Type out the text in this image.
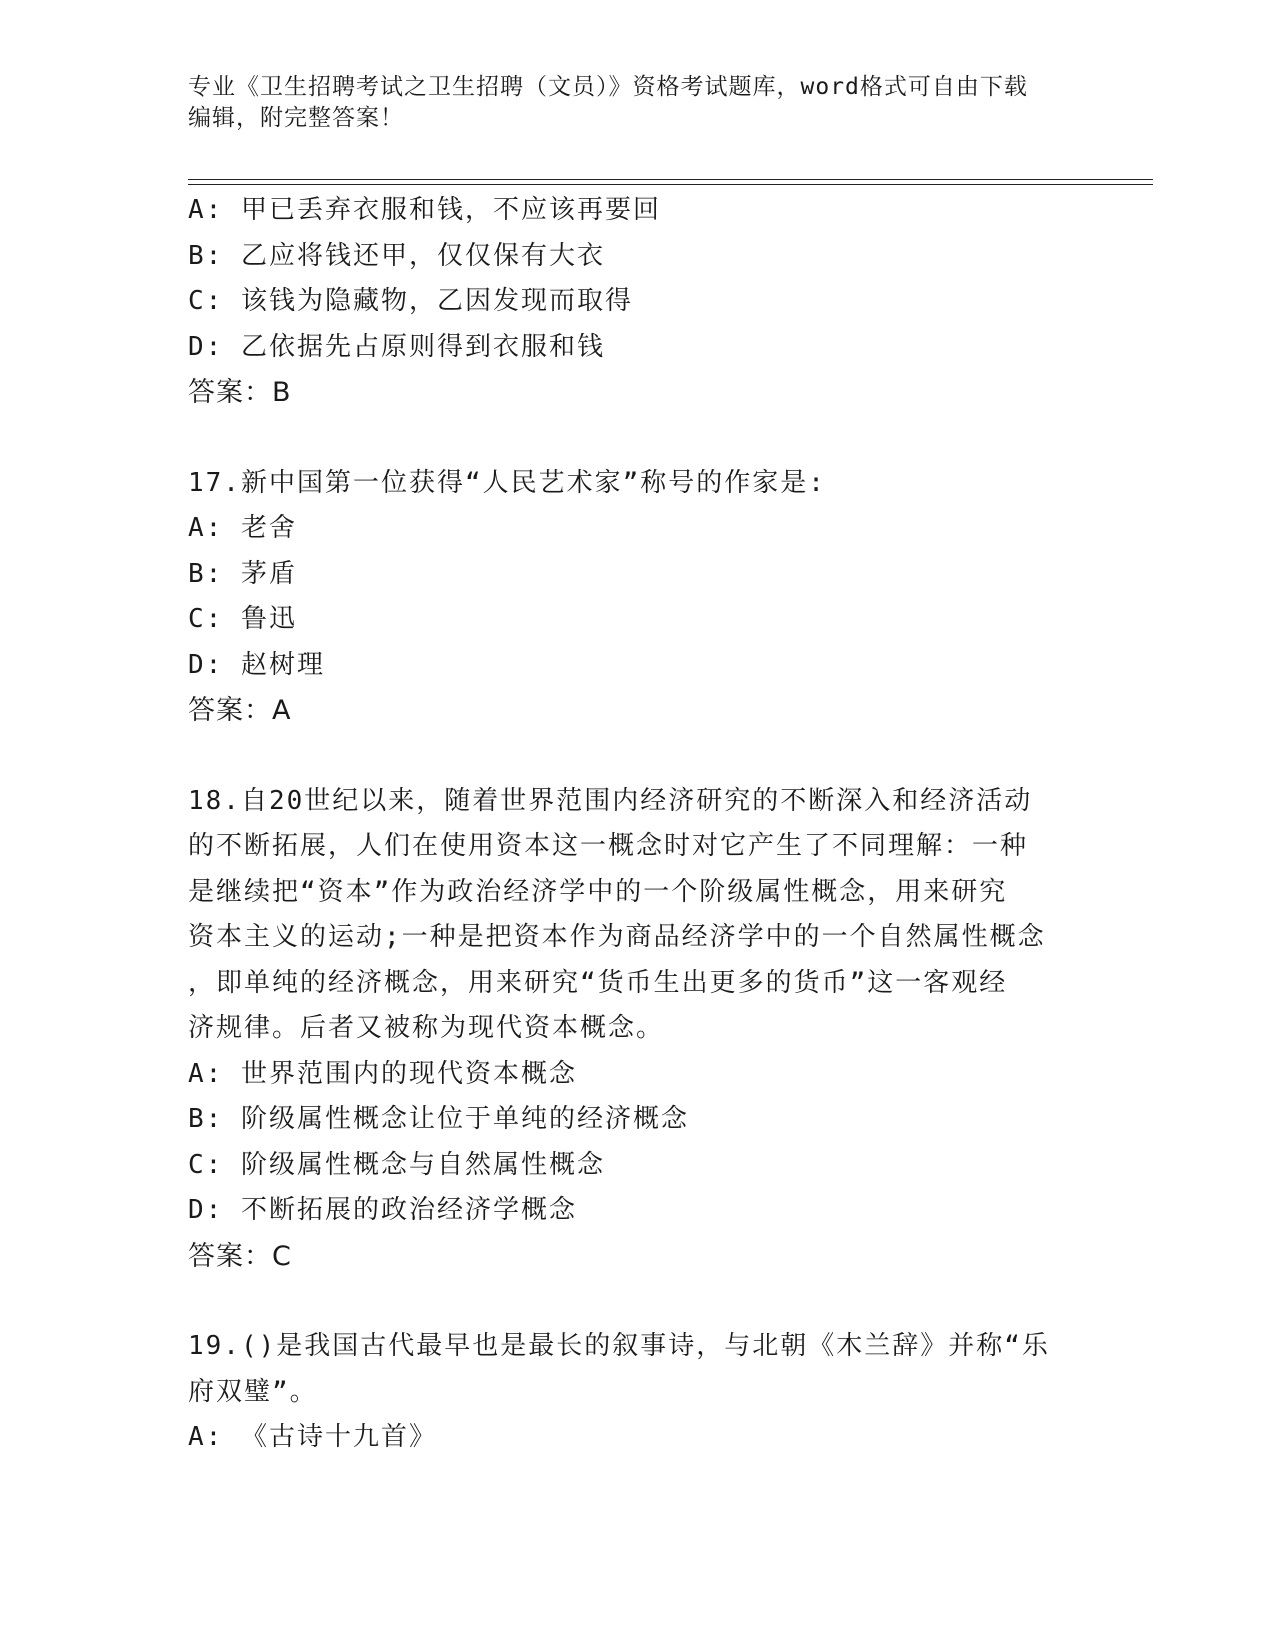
专业《卫生招聘考试之卫生招聘（文员）》资格考试题库，word格式可自由下载
编辑，附完整答案！
A: 甲已丢弃衣服和钱，不应该再要回
B: 乙应将钱还甲，仅仅保有大衣
C: 该钱为隐藏物，乙因发现而取得
D: 乙依据先占原则得到衣服和钱
答案：B
17.新中国第一位获得“人民艺术家”称号的作家是:
A: 老舍
B: 茅盾
C: 鲁迅
D: 赵树理
答案：A
18.自20世纪以来，随着世界范围内经济研究的不断深入和经济活动
的不断拓展，人们在使用资本这一概念时对它产生了不同理解：一种
是继续把“资本”作为政治经济学中的一个阶级属性概念，用来研究
资本主义的运动;一种是把资本作为商品经济学中的一个自然属性概念
，即单纯的经济概念，用来研究“货币生出更多的货币”这一客观经
济规律。后者又被称为现代资本概念。
A: 世界范围内的现代资本概念
B: 阶级属性概念让位于单纯的经济概念
C: 阶级属性概念与自然属性概念
D: 不断拓展的政治经济学概念
答案：C
19.()是我国古代最早也是最长的叙事诗，与北朝《木兰辞》并称“乐
府双璧”。
A: 《古诗十九首》
